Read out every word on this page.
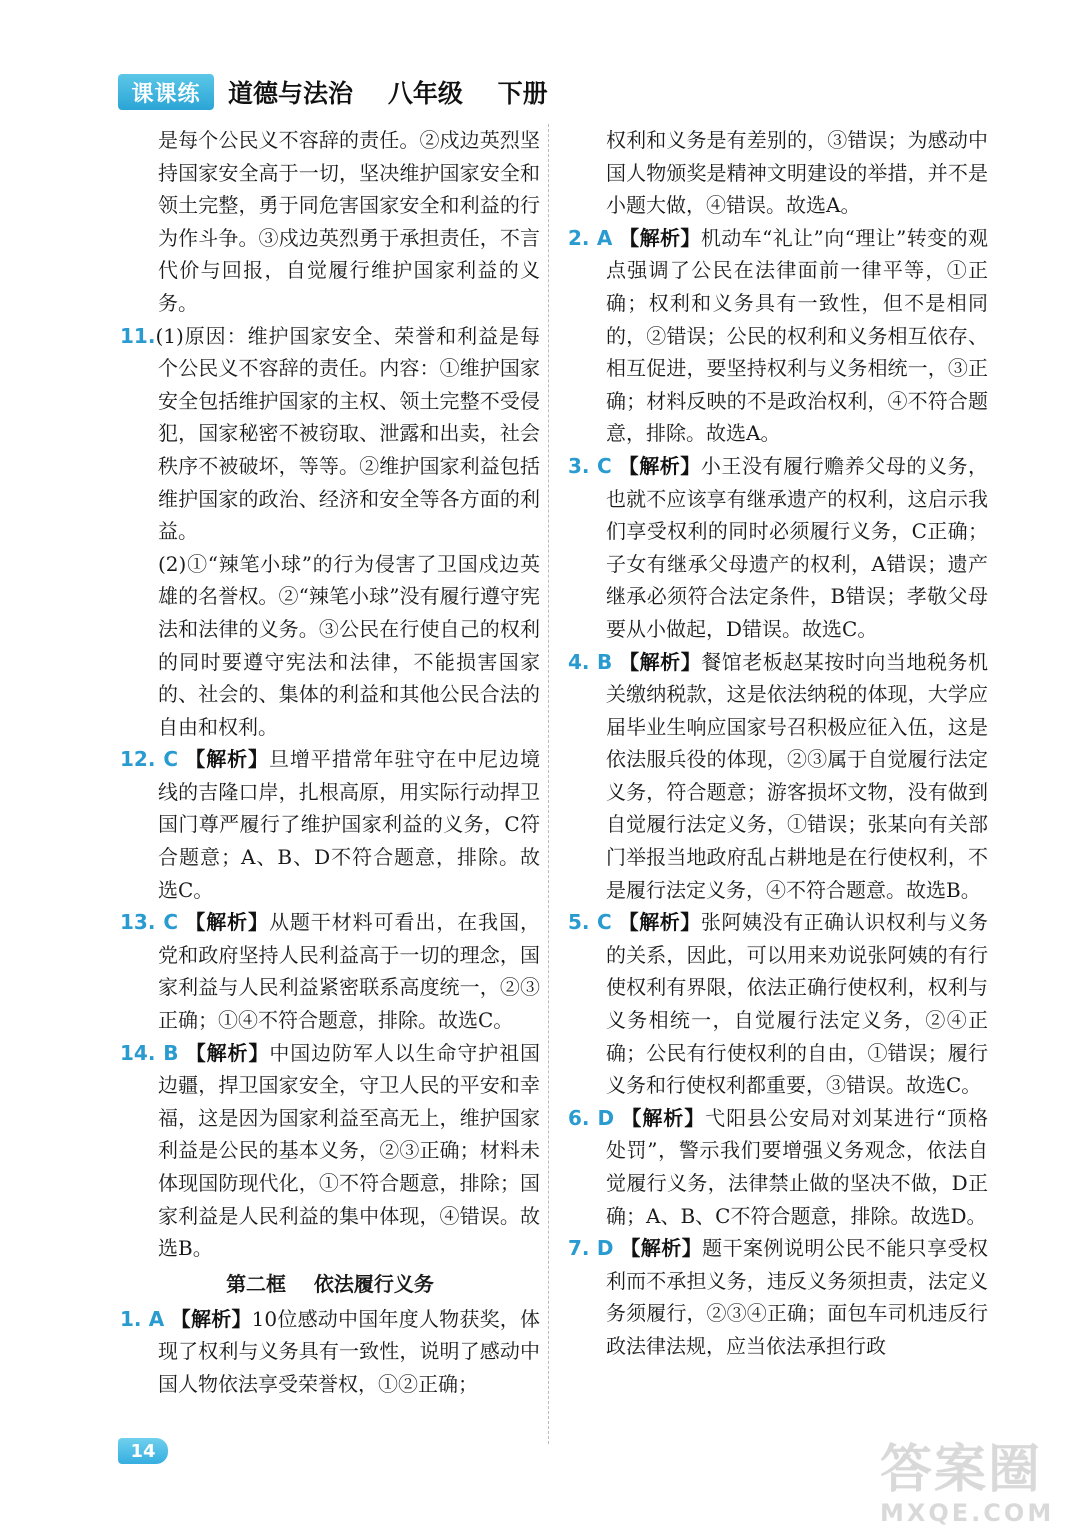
课课练 道德与法治    八年级    下册

是每个公民义不容辞的责任。②戍边英烈坚持国家安全高于一切，坚决维护国家安全和领土完整，勇于同危害国家安全和利益的行为作斗争。③戍边英烈勇于承担责任，不言代价与回报，自觉履行维护国家利益的义务。

11.(1)原因：维护国家安全、荣誉和利益是每个公民义不容辞的责任。内容：①维护国家安全包括维护国家的主权、领土完整不受侵犯，国家秘密不被窃取、泄露和出卖，社会秩序不被破坏，等等。②维护国家利益包括维护国家的政治、经济和安全等各方面的利益。

(2)①“辣笔小球”的行为侵害了卫国戍边英雄的名誉权。②“辣笔小球”没有履行遵守宪法和法律的义务。③公民在行使自己的权利的同时要遵守宪法和法律，不能损害国家的、社会的、集体的利益和其他公民合法的自由和权利。

12. C 【解析】旦增平措常年驻守在中尼边境线的吉隆口岸，扎根高原，用实际行动捍卫国门尊严履行了维护国家利益的义务，C符合题意；A、B、D不符合题意，排除。故选C。

13. C 【解析】从题干材料可看出，在我国，党和政府坚持人民利益高于一切的理念，国家利益与人民利益紧密联系高度统一，②③正确；①④不符合题意，排除。故选C。

14. B 【解析】中国边防军人以生命守护祖国边疆，捍卫国家安全，守卫人民的平安和幸福，这是因为国家利益至高无上，维护国家利益是公民的基本义务，②③正确；材料未体现国防现代化，①不符合题意，排除；国家利益是人民利益的集中体现，④错误。故选B。

第二框    依法履行义务

1. A 【解析】10位感动中国年度人物获奖，体现了权利与义务具有一致性，说明了感动中国人物依法享受荣誉权，①②正确；

权利和义务是有差别的，③错误；为感动中国人物颁奖是精神文明建设的举措，并不是小题大做，④错误。故选A。

2. A 【解析】机动车“礼让”向“理让”转变的观点强调了公民在法律面前一律平等，①正确；权利和义务具有一致性，但不是相同的，②错误；公民的权利和义务相互依存、相互促进，要坚持权利与义务相统一，③正确；材料反映的不是政治权利，④不符合题意，排除。故选A。

3. C 【解析】小王没有履行赡养父母的义务，也就不应该享有继承遗产的权利，这启示我们享受权利的同时必须履行义务，C正确；子女有继承父母遗产的权利，A错误；遗产继承必须符合法定条件，B错误；孝敬父母要从小做起，D错误。故选C。

4. B 【解析】餐馆老板赵某按时向当地税务机关缴纳税款，这是依法纳税的体现，大学应届毕业生响应国家号召积极应征入伍，这是依法服兵役的体现，②③属于自觉履行法定义务，符合题意；游客损坏文物，没有做到自觉履行法定义务，①错误；张某向有关部门举报当地政府乱占耕地是在行使权利，不是履行法定义务，④不符合题意。故选B。

5. C 【解析】张阿姨没有正确认识权利与义务的关系，因此，可以用来劝说张阿姨的有行使权利有界限，依法正确行使权利，权利与义务相统一，自觉履行法定义务，②④正确；公民有行使权利的自由，①错误；履行义务和行使权利都重要，③错误。故选C。

6. D 【解析】弋阳县公安局对刘某进行“顶格处罚”，警示我们要增强义务观念，依法自觉履行义务，法律禁止做的坚决不做，D正确；A、B、C不符合题意，排除。故选D。

7. D 【解析】题干案例说明公民不能只享受权利而不承担义务，违反义务须担责，法定义务须履行，②③④正确；面包车司机违反行政法律法规，应当依法承担行政

14	答案圈
MXQE.COM
